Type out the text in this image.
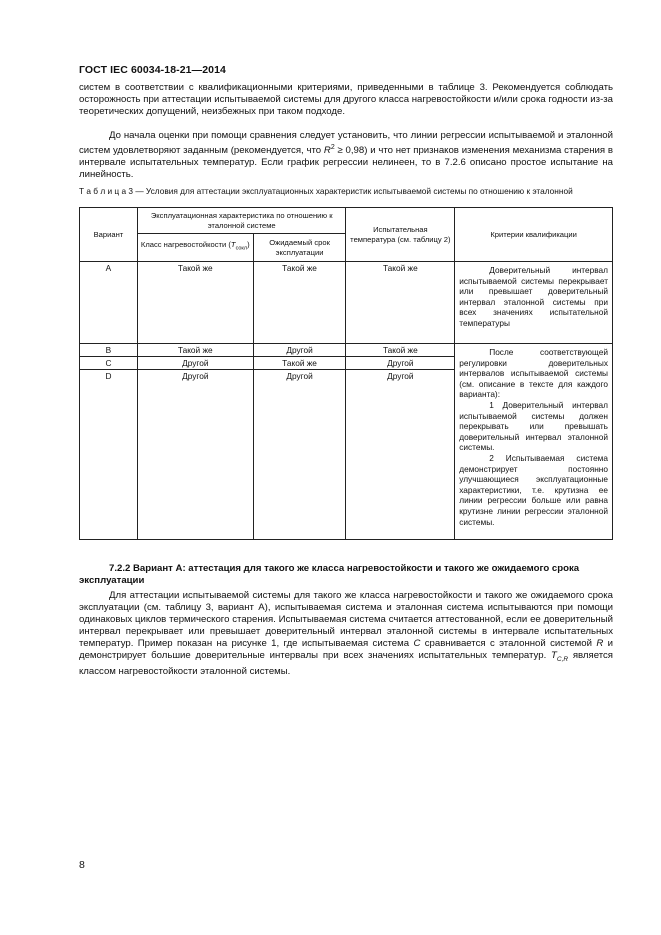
ГОСТ IEC 60034-18-21—2014
систем в соответствии с квалификационными критериями, приведенными в таблице 3. Рекомендуется соблюдать осторожность при аттестации испытываемой системы для другого класса нагревостойкости и/или срока годности из-за теоретических допущений, неизбежных при таком подходе.
До начала оценки при помощи сравнения следует установить, что линии регрессии испытываемой и эталонной систем удовлетворяют заданным (рекомендуется, что $R^2 \ge 0,98$) и что нет признаков изменения механизма старения в интервале испытательных температур. Если график регрессии нелинеен, то в 7.2.6 описано простое испытание на линейность.
Т а б л и ц а 3 — Условия для аттестации эксплуатационных характеристик испытываемой системы по отношению к эталонной
Вариант	Эксплуатационная характеристика по отношению к эталонной системе		Испытательная температура (см. таблицу 2)	Критерии квалификации
	Класс нагревостойкости $(T_{сокл})$	Ожидаемый срок эксплуатации		
A	Такой же	Такой же	Такой же	Доверительный интервал испытываемой системы перекрывает или превышает доверительный интервал эталонной системы при всех значениях испытательной температуры

B	Такой же	Другой	Такой же	После соответствующей регулировки доверительных интервалов испытываемой системы (см. описание в тексте для каждого варианта):
1 Доверительный интервал испытываемой системы должен перекрывать или превышать доверительный интервал эталонной системы.
2 Испытываемая система демонстрирует постоянно улучшающиеся эксплуатационные характеристики, т.е. крутизна ее линии регрессии больше или равна крутизне линии регрессии эталонной системы.

C	Другой	Такой же	Другой	
D	Другой	Другой	Другой	
7.2.2 Вариант А: аттестация для такого же класса нагревостойкости и такого же ожидаемого срока эксплуатации
Для аттестации испытываемой системы для такого же класса нагревостойкости и такого же ожидаемого срока эксплуатации (см. таблицу 3, вариант А), испытываемая система и эталонная система испытываются при помощи одинаковых циклов термического старения. Испытываемая система считается аттестованной, если ее доверительный интервал перекрывает или превышает доверительный интервал эталонной системы в интервале испытательных температур. Пример показан на рисунке 1, где испытываемая система C сравнивается с эталонной системой R и демонстрирует большие доверительные интервалы при всех значениях испытательных температур. $T_{C,R}$ является классом нагревостойкости эталонной системы.
8
